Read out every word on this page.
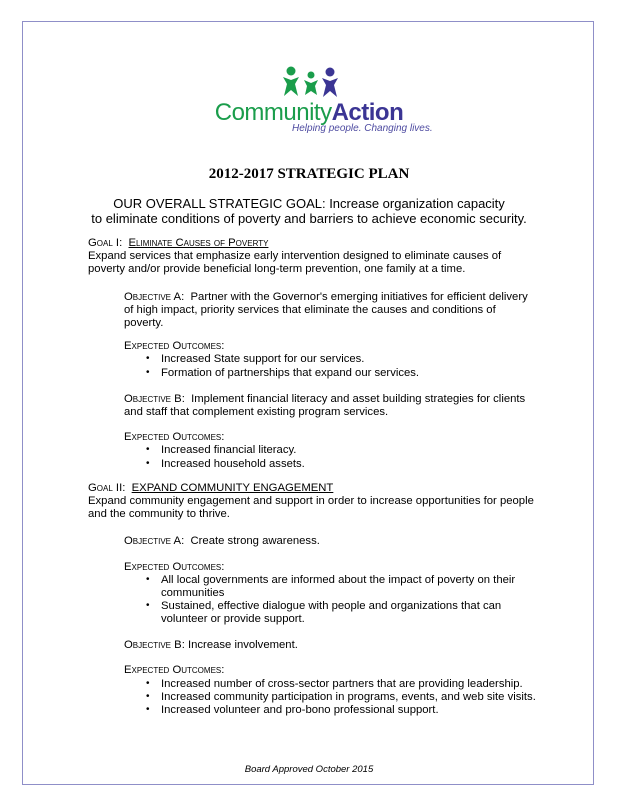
CommunityAction
Helping people. Changing lives.
2012-2017 STRATEGIC PLAN
OUR OVERALL STRATEGIC GOAL: Increase organization capacity
to eliminate conditions of poverty and barriers to achieve economic security.
Goal I: Eliminate Causes of Poverty
Expand services that emphasize early intervention designed to eliminate causes of
poverty and/or provide beneficial long-term prevention, one family at a time.
Objective A: Partner with the Governor's emerging initiatives for efficient delivery
of high impact, priority services that eliminate the causes and conditions of
poverty.
Expected Outcomes:
• Increased State support for our services.
• Formation of partnerships that expand our services.
Objective B: Implement financial literacy and asset building strategies for clients
and staff that complement existing program services.
Expected Outcomes:
• Increased financial literacy.
• Increased household assets.
Goal II: EXPAND COMMUNITY ENGAGEMENT
Expand community engagement and support in order to increase opportunities for people
and the community to thrive.
Objective A: Create strong awareness.
Expected Outcomes:
• All local governments are informed about the impact of poverty on their
communities
• Sustained, effective dialogue with people and organizations that can
volunteer or provide support.
Objective B: Increase involvement.
Expected Outcomes:
• Increased number of cross-sector partners that are providing leadership.
• Increased community participation in programs, events, and web site visits.
• Increased volunteer and pro-bono professional support.
Board Approved October 2015
